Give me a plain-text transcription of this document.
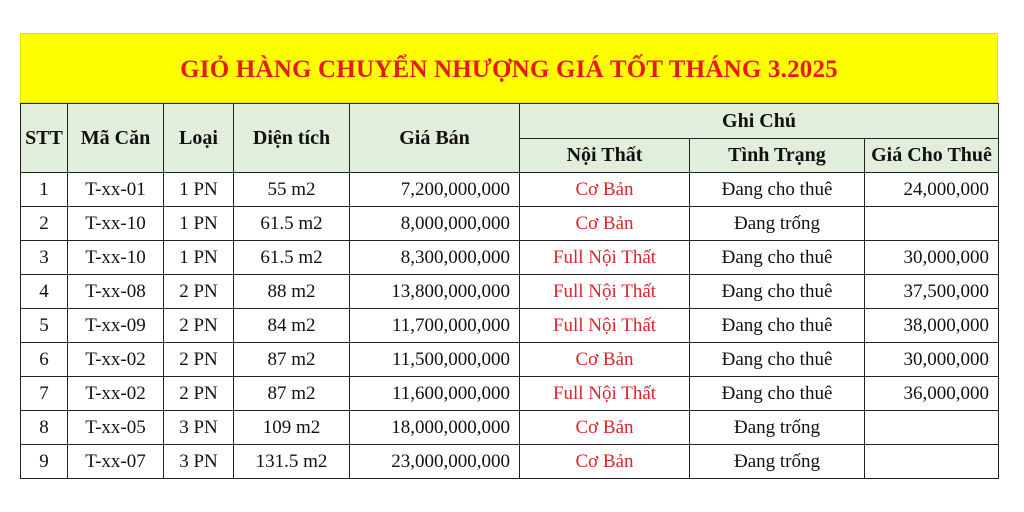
GIỎ HÀNG CHUYỂN NHƯỢNG GIÁ TỐT THÁNG 3.2025
STT	Mã Căn	Loại	Diện tích	Giá Bán	Ghi Chú		
					Nội Thất	Tình Trạng	Giá Cho Thuê
1	T-xx-01	1 PN	55 m2	7,200,000,000	Cơ Bản	Đang cho thuê	24,000,000
2	T-xx-10	1 PN	61.5 m2	8,000,000,000	Cơ Bản	Đang trống	
3	T-xx-10	1 PN	61.5 m2	8,300,000,000	Full Nội Thất	Đang cho thuê	30,000,000
4	T-xx-08	2 PN	88 m2	13,800,000,000	Full Nội Thất	Đang cho thuê	37,500,000
5	T-xx-09	2 PN	84 m2	11,700,000,000	Full Nội Thất	Đang cho thuê	38,000,000
6	T-xx-02	2 PN	87 m2	11,500,000,000	Cơ Bản	Đang cho thuê	30,000,000
7	T-xx-02	2 PN	87 m2	11,600,000,000	Full Nội Thất	Đang cho thuê	36,000,000
8	T-xx-05	3 PN	109 m2	18,000,000,000	Cơ Bản	Đang trống	
9	T-xx-07	3 PN	131.5 m2	23,000,000,000	Cơ Bản	Đang trống	
